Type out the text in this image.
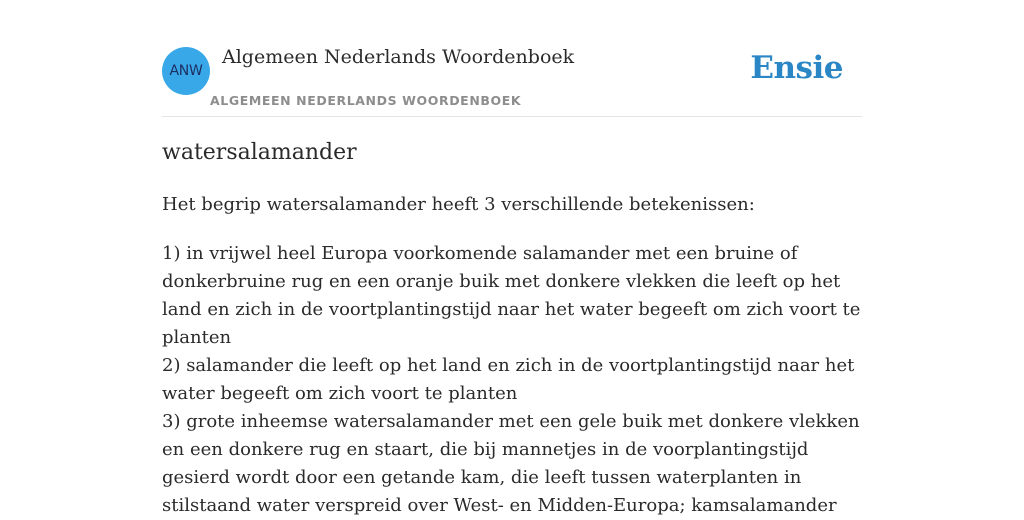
ANW
Algemeen Nederlands Woordenboek
ALGEMEEN NEDERLANDS WOORDENBOEK
Ensie
watersalamander
Het begrip watersalamander heeft 3 verschillende betekenissen:
1) in vrijwel heel Europa voorkomende salamander met een bruine of donkerbruine rug en een oranje buik met donkere vlekken die leeft op het land en zich in de voortplantingstijd naar het water begeeft om zich voort te planten
2) salamander die leeft op het land en zich in de voortplantingstijd naar het water begeeft om zich voort te planten
3) grote inheemse watersalamander met een gele buik met donkere vlekken en een donkere rug en staart, die bij mannetjes in de voorplantingstijd gesierd wordt door een getande kam, die leeft tussen waterplanten in stilstaand water verspreid over West- en Midden-Europa; kamsalamander
